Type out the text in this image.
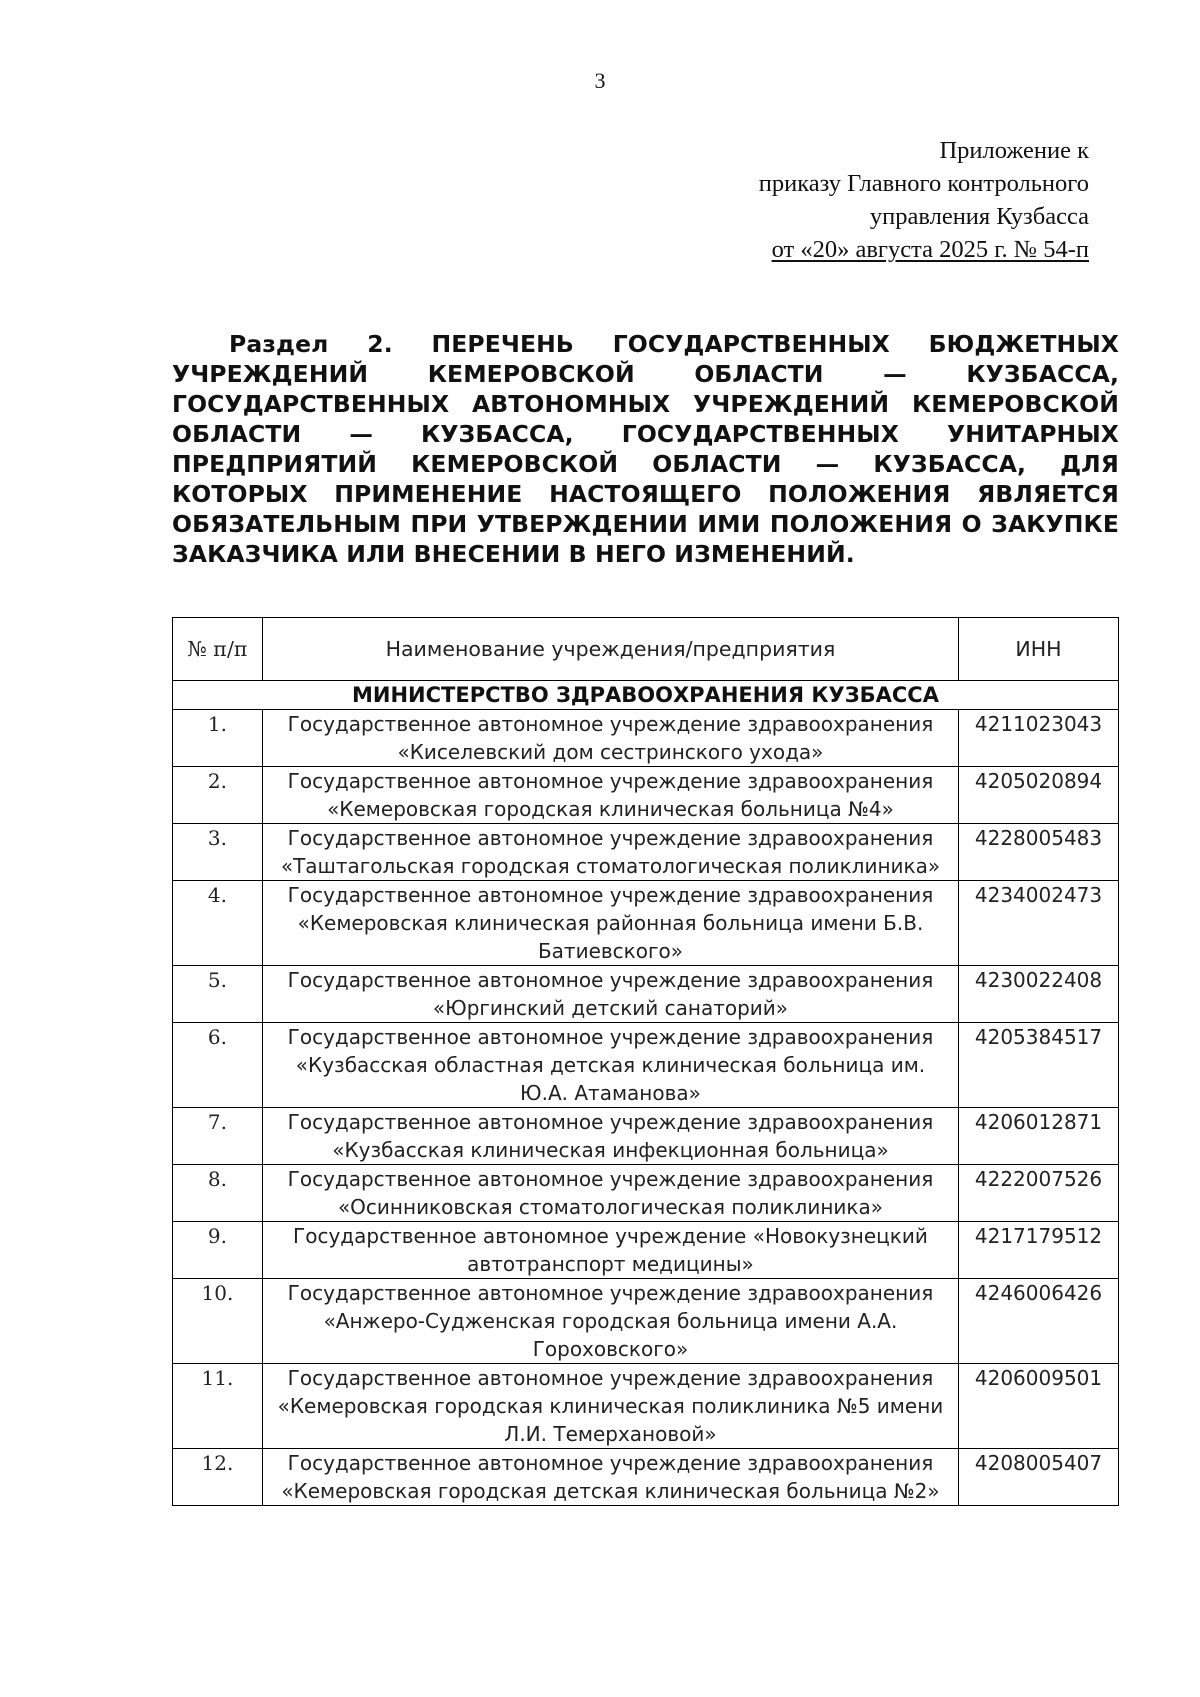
3
Приложение к
приказу Главного контрольного
управления Кузбасса
от «20» августа 2025 г. № 54-п
Раздел 2. ПЕРЕЧЕНЬ ГОСУДАРСТВЕННЫХ БЮДЖЕТНЫХ УЧРЕЖДЕНИЙ КЕМЕРОВСКОЙ ОБЛАСТИ — КУЗБАССА, ГОСУДАРСТВЕННЫХ АВТОНОМНЫХ УЧРЕЖДЕНИЙ КЕМЕРОВСКОЙ ОБЛАСТИ — КУЗБАССА, ГОСУДАРСТВЕННЫХ УНИТАРНЫХ ПРЕДПРИЯТИЙ КЕМЕРОВСКОЙ ОБЛАСТИ — КУЗБАССА, ДЛЯ КОТОРЫХ ПРИМЕНЕНИЕ НАСТОЯЩЕГО ПОЛОЖЕНИЯ ЯВЛЯЕТСЯ ОБЯЗАТЕЛЬНЫМ ПРИ УТВЕРЖДЕНИИ ИМИ ПОЛОЖЕНИЯ О ЗАКУПКЕ ЗАКАЗЧИКА ИЛИ ВНЕСЕНИИ В НЕГО ИЗМЕНЕНИЙ.
№ п/п	Наименование учреждения/предприятия	ИНН
МИНИСТЕРСТВО ЗДРАВООХРАНЕНИЯ КУЗБАССА		
1.	Государственное автономное учреждение здравоохранения «Киселевский дом сестринского ухода»	4211023043
2.	Государственное автономное учреждение здравоохранения «Кемеровская городская клиническая больница №4»	4205020894
3.	Государственное автономное учреждение здравоохранения «Таштагольская городская стоматологическая поликлиника»	4228005483
4.	Государственное автономное учреждение здравоохранения «Кемеровская клиническая районная больница имени Б.В. Батиевского»	4234002473
5.	Государственное автономное учреждение здравоохранения «Юргинский детский санаторий»	4230022408
6.	Государственное автономное учреждение здравоохранения «Кузбасская областная детская клиническая больница им. Ю.А. Атаманова»	4205384517
7.	Государственное автономное учреждение здравоохранения «Кузбасская клиническая инфекционная больница»	4206012871
8.	Государственное автономное учреждение здравоохранения «Осинниковская стоматологическая поликлиника»	4222007526
9.	Государственное автономное учреждение «Новокузнецкий автотранспорт медицины»	4217179512
10.	Государственное автономное учреждение здравоохранения «Анжеро-Судженская городская больница имени А.А. Гороховского»	4246006426
11.	Государственное автономное учреждение здравоохранения «Кемеровская городская клиническая поликлиника №5 имени Л.И. Темерхановой»	4206009501
12.	Государственное автономное учреждение здравоохранения «Кемеровская городская детская клиническая больница №2»	4208005407
